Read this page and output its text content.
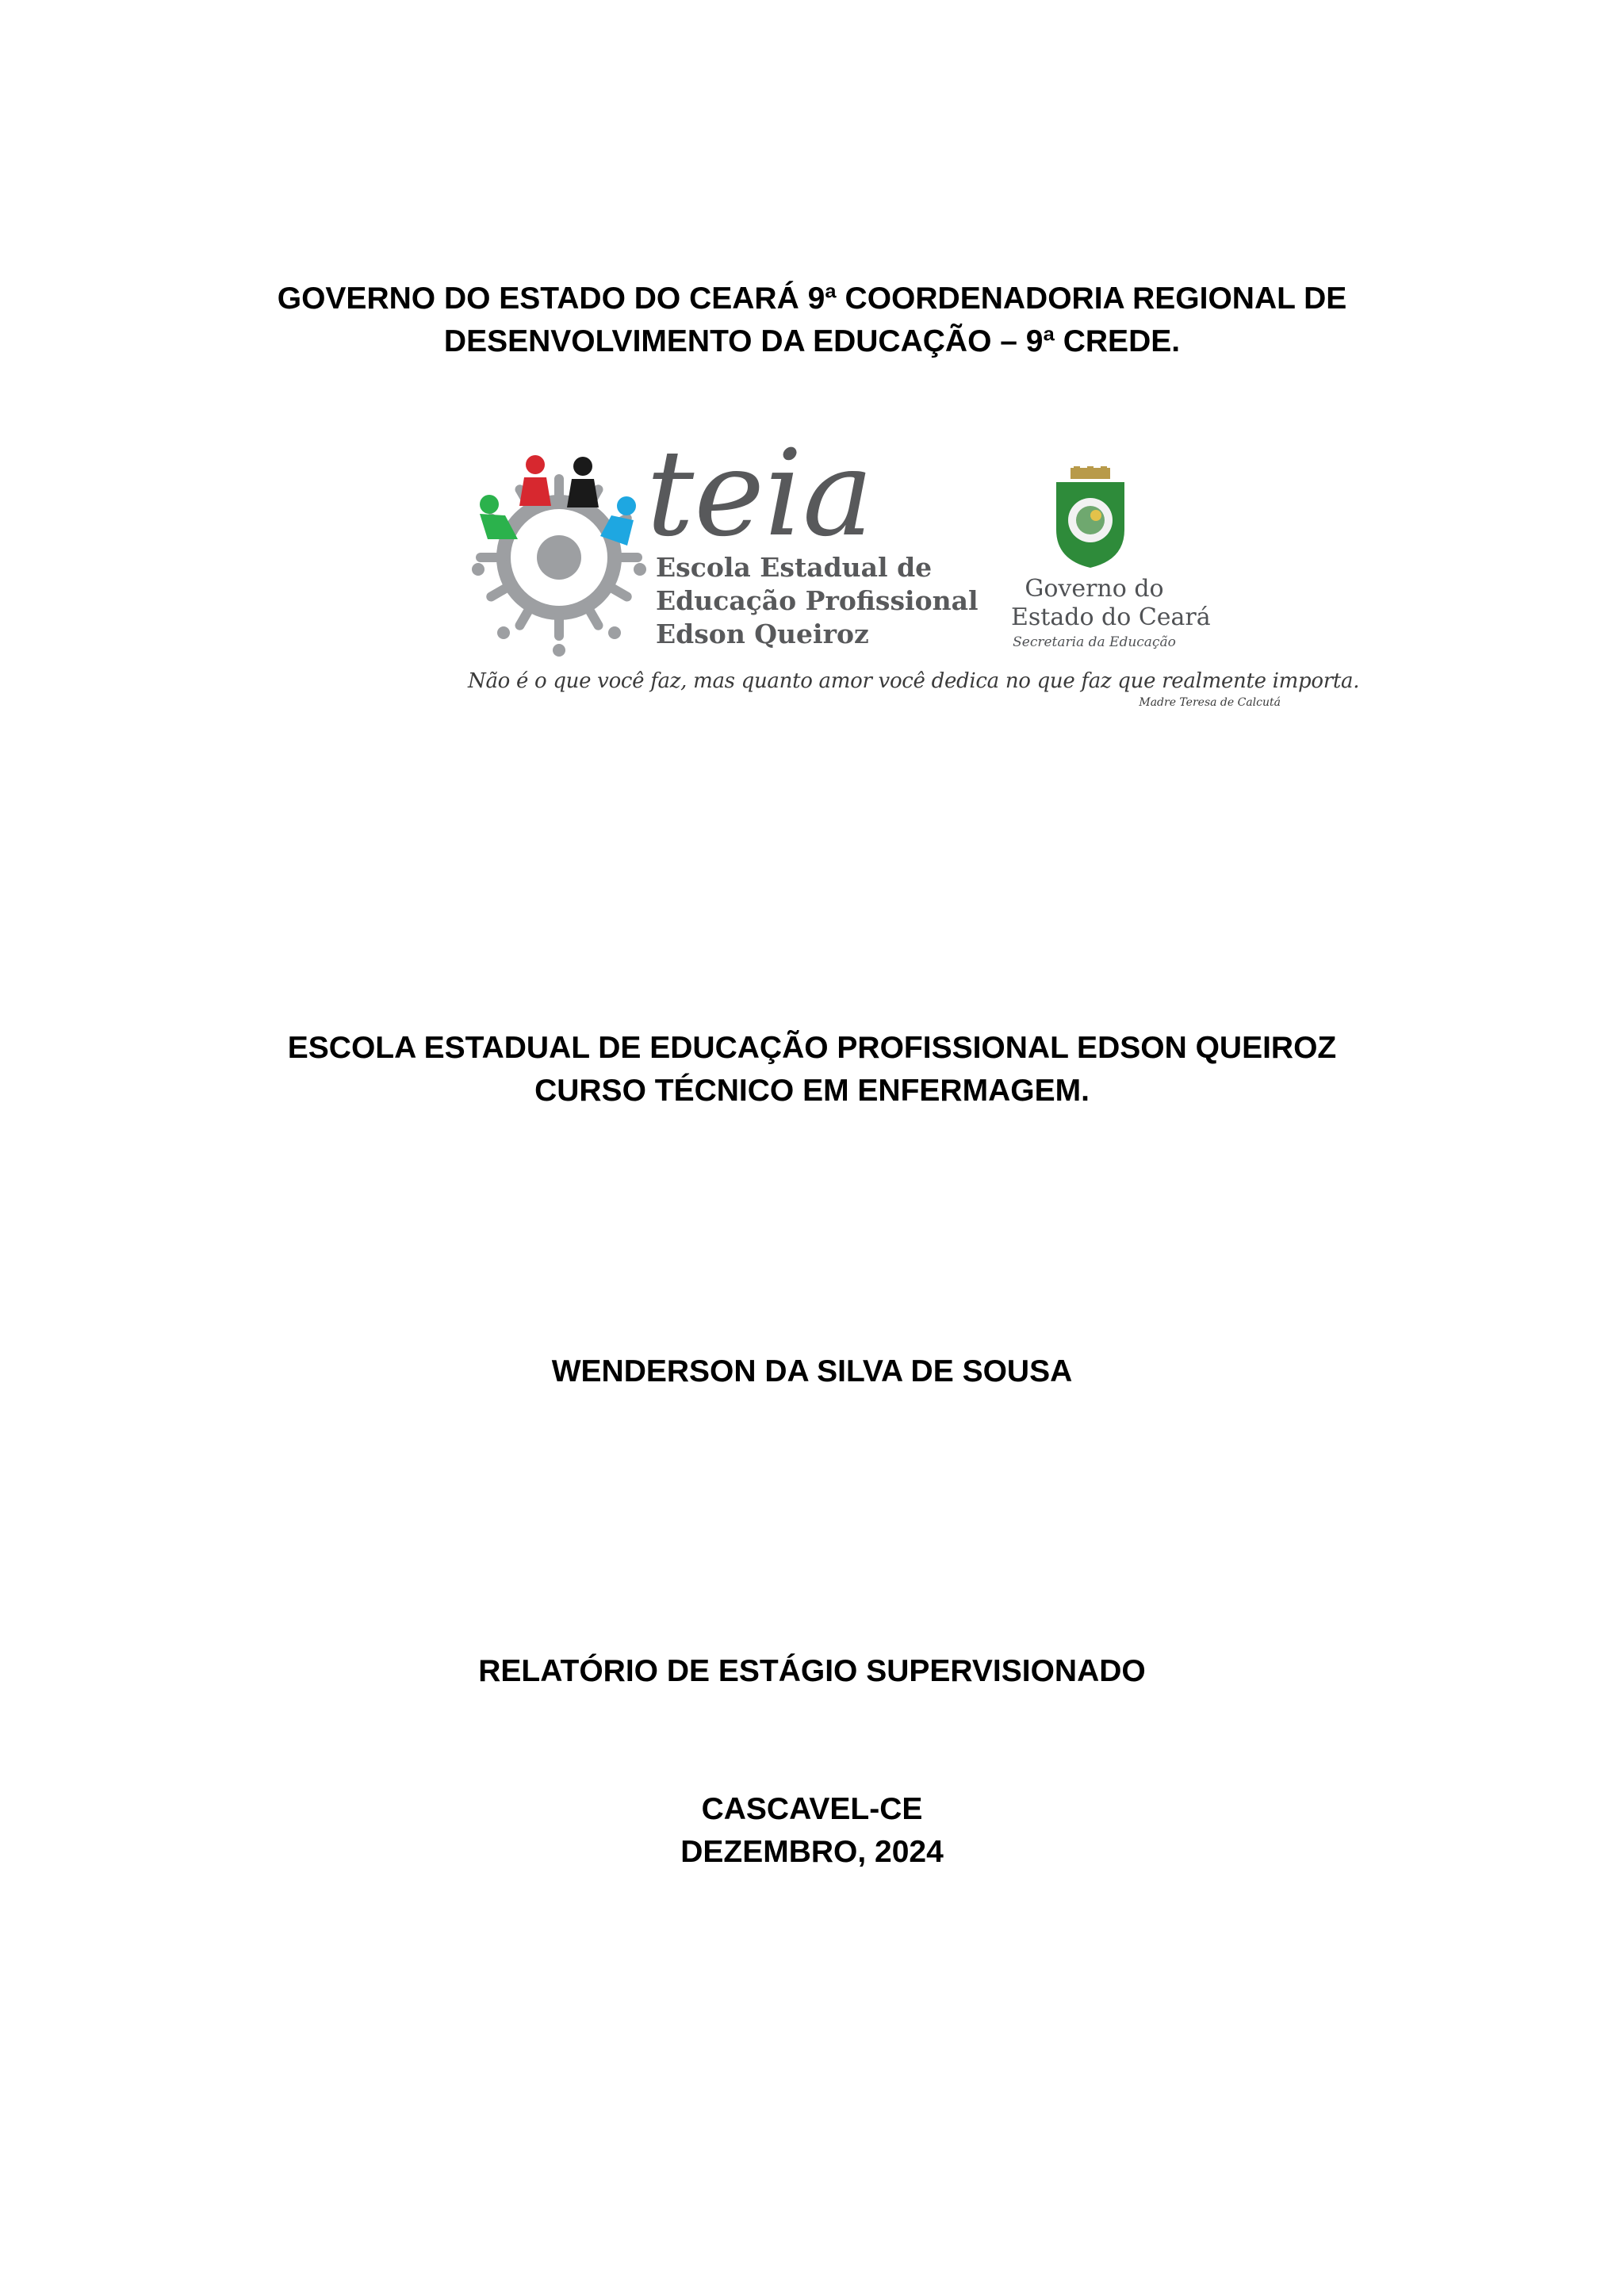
GOVERNO DO ESTADO DO CEARÁ 9ª COORDENADORIA REGIONAL DE
DESENVOLVIMENTO DA EDUCAÇÃO – 9ª CREDE.
teia
Escola Estadual de
Educação Profissional
Edson Queiroz
Governo do
Estado do Ceará
Secretaria da Educação
Não é o que você faz, mas quanto amor você dedica no que faz que realmente importa.
Madre Teresa de Calcutá
ESCOLA ESTADUAL DE EDUCAÇÃO PROFISSIONAL EDSON QUEIROZ
CURSO TÉCNICO EM ENFERMAGEM.
WENDERSON DA SILVA DE SOUSA
RELATÓRIO DE ESTÁGIO SUPERVISIONADO
CASCAVEL-CE
DEZEMBRO, 2024
